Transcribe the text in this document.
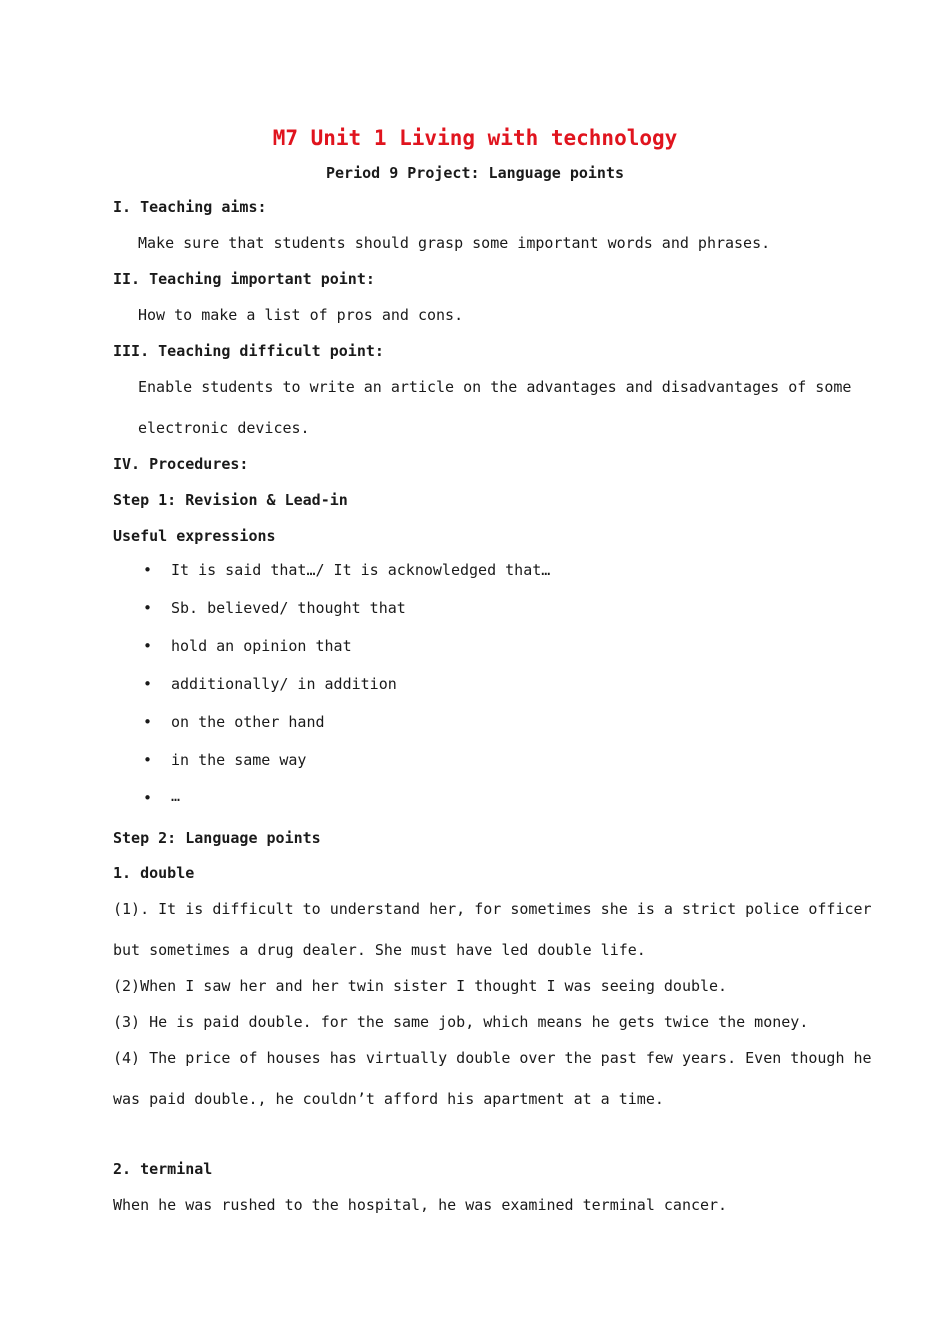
M7 Unit 1 Living with technology
Period 9 Project: Language points
I. Teaching aims:
Make sure that students should grasp some important words and phrases.
II. Teaching important point:
How to make a list of pros and cons.
III. Teaching difficult point:
Enable students to write an article on the advantages and disadvantages of some
electronic devices.
IV. Procedures:
Step 1: Revision & Lead-in
Useful expressions
• It is said that…/ It is acknowledged that…
• Sb. believed/ thought that
• hold an opinion that
• additionally/ in addition
• on the other hand
• in the same way
• …
Step 2: Language points
1. double
(1). It is difficult to understand her, for sometimes she is a strict police officer
but sometimes a drug dealer. She must have led double life.
(2)When I saw her and her twin sister I thought I was seeing double.
(3) He is paid double. for the same job, which means he gets twice the money.
(4) The price of houses has virtually double over the past few years. Even though he
was paid double., he couldn’t afford his apartment at a time.
2. terminal
When he was rushed to the hospital, he was examined terminal cancer.
